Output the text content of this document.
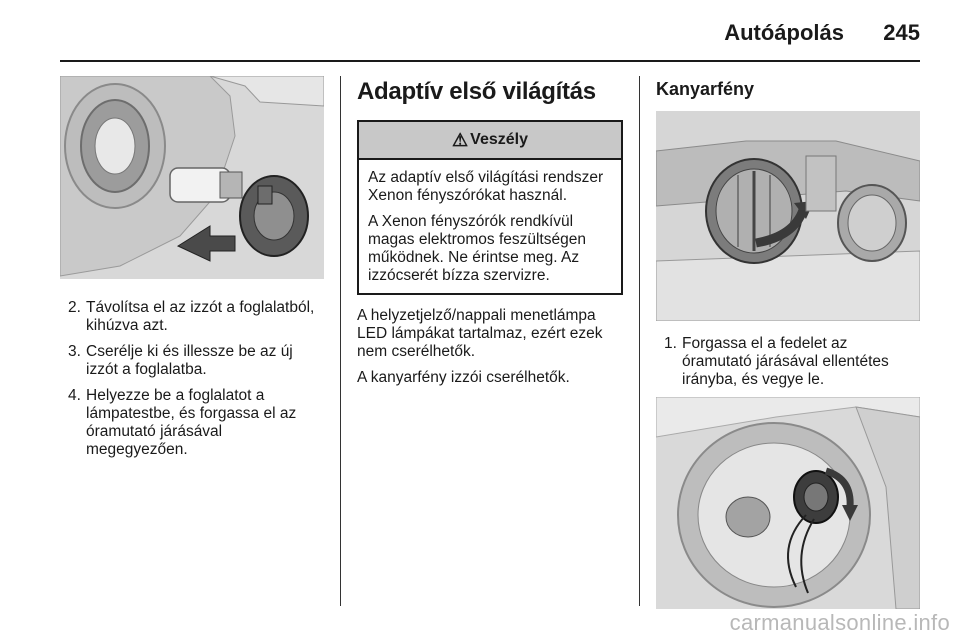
Autóápolás 245
2. Távolítsa el az izzót a foglalatból, kihúzva azt.
3. Cserélje ki és illessze be az új izzót a foglalatba.
4. Helyezze be a foglalatot a lámpatestbe, és forgassa el az óramutató járásával megegyezően.
Adaptív első világítás
⚠ Veszély

Az adaptív első világítási rendszer Xenon fényszórókat használ.

A Xenon fényszórók rendkívül magas elektromos feszültségen működnek. Ne érintse meg. Az izzócserét bízza szervizre.

A helyzetjelző/nappali menetlámpa LED lámpákat tartalmaz, ezért ezek nem cserélhetők.

A kanyarfény izzói cserélhetők.

Kanyarfény
1. Forgassa el a fedelet az óramutató járásával ellentétes irányba, és vegye le.
carmanualsonline.info
